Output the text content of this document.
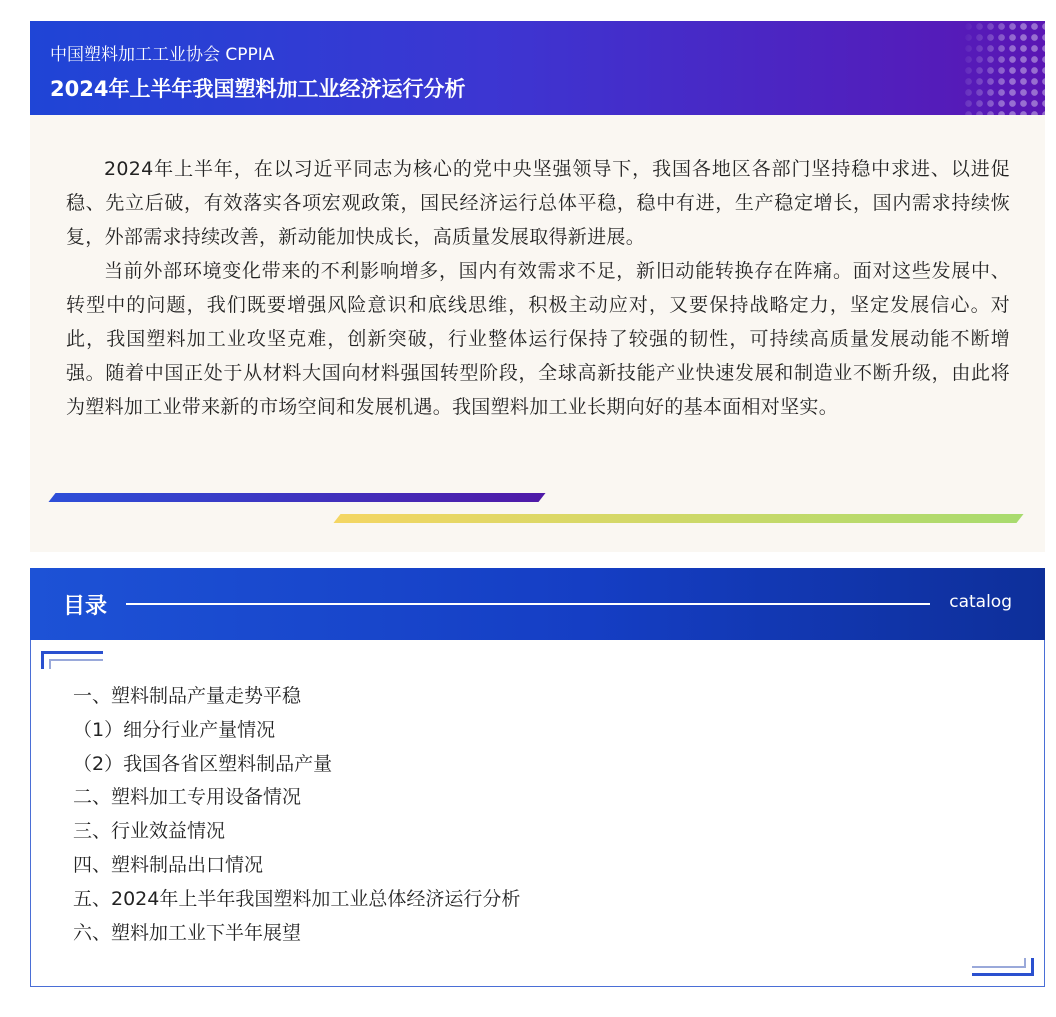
中国塑料加工工业协会 CPPIA
2024年上半年我国塑料加工业经济运行分析

2024年上半年，在以习近平同志为核心的党中央坚强领导下，我国各地区各部门坚持稳中求进、以进促稳、先立后破，有效落实各项宏观政策，国民经济运行总体平稳，稳中有进，生产稳定增长，国内需求持续恢复，外部需求持续改善，新动能加快成长，高质量发展取得新进展。

当前外部环境变化带来的不利影响增多，国内有效需求不足，新旧动能转换存在阵痛。面对这些发展中、转型中的问题，我们既要增强风险意识和底线思维，积极主动应对，又要保持战略定力，坚定发展信心。对此，我国塑料加工业攻坚克难，创新突破，行业整体运行保持了较强的韧性，可持续高质量发展动能不断增强。随着中国正处于从材料大国向材料强国转型阶段，全球高新技能产业快速发展和制造业不断升级，由此将为塑料加工业带来新的市场空间和发展机遇。我国塑料加工业长期向好的基本面相对坚实。

目录	catalog
一、塑料制品产量走势平稳
（1）细分行业产量情况
（2）我国各省区塑料制品产量
二、塑料加工专用设备情况
三、行业效益情况
四、塑料制品出口情况
五、2024年上半年我国塑料加工业总体经济运行分析
六、塑料加工业下半年展望
